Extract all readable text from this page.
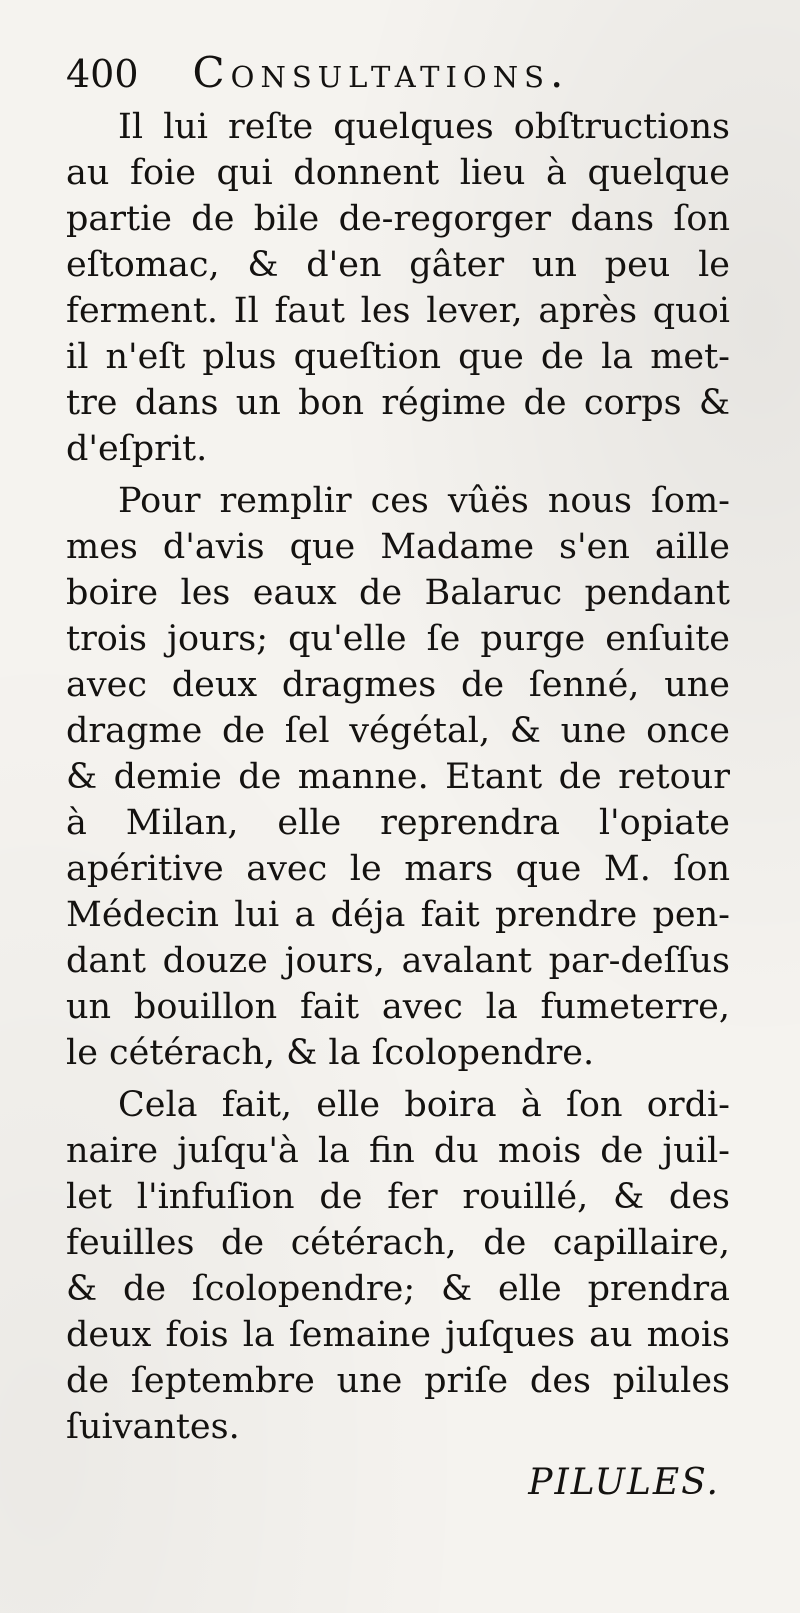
400 Consultations.
Il lui reſte quelques obſtructions
au foie qui donnent lieu à quelque
partie de bile de-regorger dans ſon
eſtomac, & d'en gâter un peu le
ferment. Il faut les lever, après quoi
il n'eſt plus queſtion que de la met-
tre dans un bon régime de corps &
d'eſprit.
Pour remplir ces vûës nous ſom-
mes d'avis que Madame s'en aille
boire les eaux de Balaruc pendant
trois jours; qu'elle ſe purge enſuite
avec deux dragmes de ſenné, une
dragme de ſel végétal, & une once
& demie de manne. Etant de retour
à Milan, elle reprendra l'opiate
apéritive avec le mars que M. ſon
Médecin lui a déja fait prendre pen-
dant douze jours, avalant par-deſſus
un bouillon fait avec la fumeterre,
le cétérach, & la ſcolopendre.
Cela fait, elle boira à ſon ordi-
naire juſqu'à la fin du mois de juil-
let l'infuſion de fer rouillé, & des
feuilles de cétérach, de capillaire,
& de ſcolopendre; & elle prendra
deux fois la ſemaine juſques au mois
de ſeptembre une priſe des pilules
ſuivantes.
PILULES.
